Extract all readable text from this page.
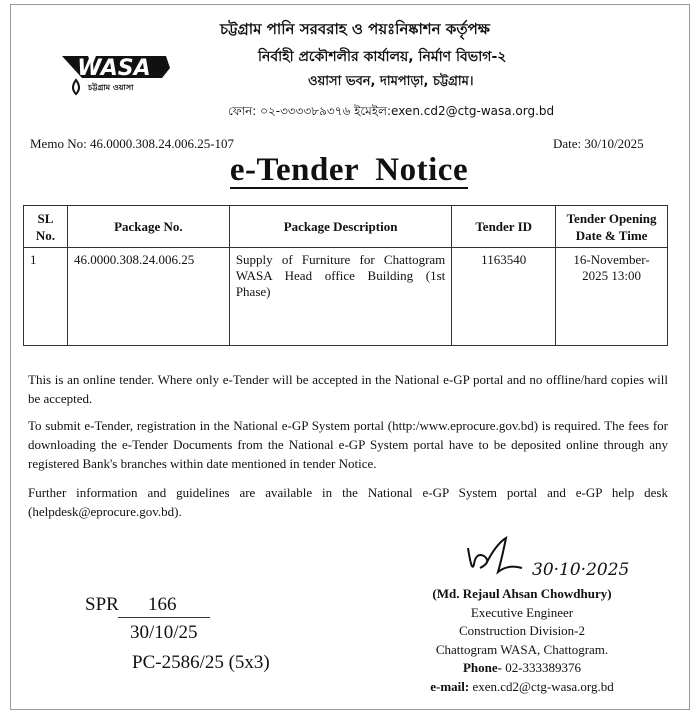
WASA
চট্টগ্রাম ওয়াসা
চট্টগ্রাম পানি সরবরাহ ও পয়ঃনিষ্কাশন কর্তৃপক্ষ
নির্বাহী প্রকৌশলীর কার্যালয়, নির্মাণ বিভাগ-২
ওয়াসা ভবন, দামপাড়া, চট্টগ্রাম।
ফোন: ০২-৩৩৩৩৮৯৩৭৬ ইমেইল:exen.cd2@ctg-wasa.org.bd
Memo No: 46.0000.308.24.006.25-107	Date: 30/10/2025
e-Tender Notice
SL No.	Package No.	Package Description	Tender ID	Tender Opening Date & Time
1	46.0000.308.24.006.25	Supply of Furniture for Chattogram WASA Head office Building (1st Phase)	1163540	16-November-2025 13:00
This is an online tender. Where only e-Tender will be accepted in the National e-GP portal and no offline/hard copies will be accepted.
To submit e-Tender, registration in the National e-GP System portal (http:/www.eprocure.gov.bd) is required. The fees for downloading the e-Tender Documents from the National e-GP System portal have to be deposited online through any registered Bank's branches within date mentioned in tender Notice.
Further information and guidelines are available in the National e-GP System portal and e-GP help desk (helpdesk@eprocure.gov.bd).
30·10·2025
(Md. Rejaul Ahsan Chowdhury)
Executive Engineer
Construction Division-2
Chattogram WASA, Chattogram.
Phone- 02-333389376
e-mail: exen.cd2@ctg-wasa.org.bd
SPR 166
30/10/25
PC-2586/25 (5x3)
